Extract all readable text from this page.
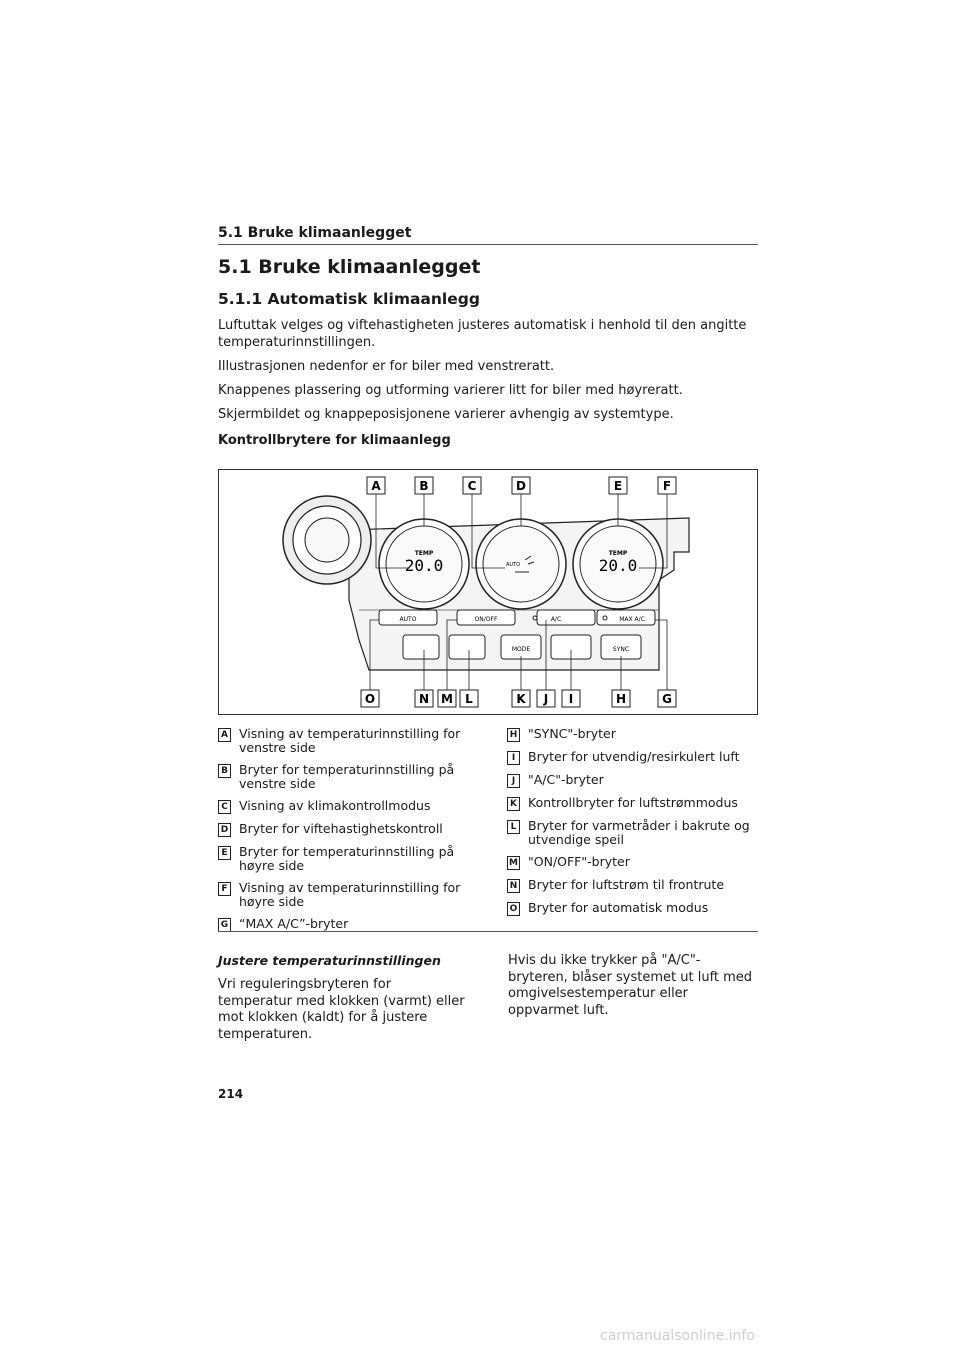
5.1 Bruke klimaanlegget
5.1 Bruke klimaanlegget
5.1.1 Automatisk klimaanlegg
Luftuttak velges og viftehastigheten justeres automatisk i henhold til den angitte temperaturinnstillingen.
Illustrasjonen nedenfor er for biler med venstreratt.
Knappenes plassering og utforming varierer litt for biler med høyreratt.
Skjermbildet og knappeposisjonene varierer avhengig av systemtype.
Kontrollbrytere for klimaanlegg
TEMP
20.0	AUTO
TEMP
20.0
AUTO	ON/OFF	A/C	MAX A/C
MODE	SYNC
A	B	C	D	E	F
O	N M L	K J I	H	G
A Visning av temperaturinnstilling for venstre side
B Bryter for temperaturinnstilling på venstre side
C Visning av klimakontrollmodus
D Bryter for viftehastighetskontroll
E Bryter for temperaturinnstilling på høyre side
F Visning av temperaturinnstilling for høyre side
G “MAX A/C”-bryter
H "SYNC"-bryter
I	Bryter for utvendig/resirkulert luft
J	"A/C"-bryter
K Kontrollbryter for luftstrømmodus
L Bryter for varmetråder i bakrute og utvendige speil
M "ON/OFF"-bryter
N Bryter for luftstrøm til frontrute
O Bryter for automatisk modus
Justere temperaturinnstillingen
Vri reguleringsbryteren for temperatur med klokken (varmt) eller mot klokken (kaldt) for å justere temperaturen.
Hvis du ikke trykker på "A/C"-bryteren, blåser systemet ut luft med omgivelsestemperatur eller oppvarmet luft.
214
carmanualsonline.info
